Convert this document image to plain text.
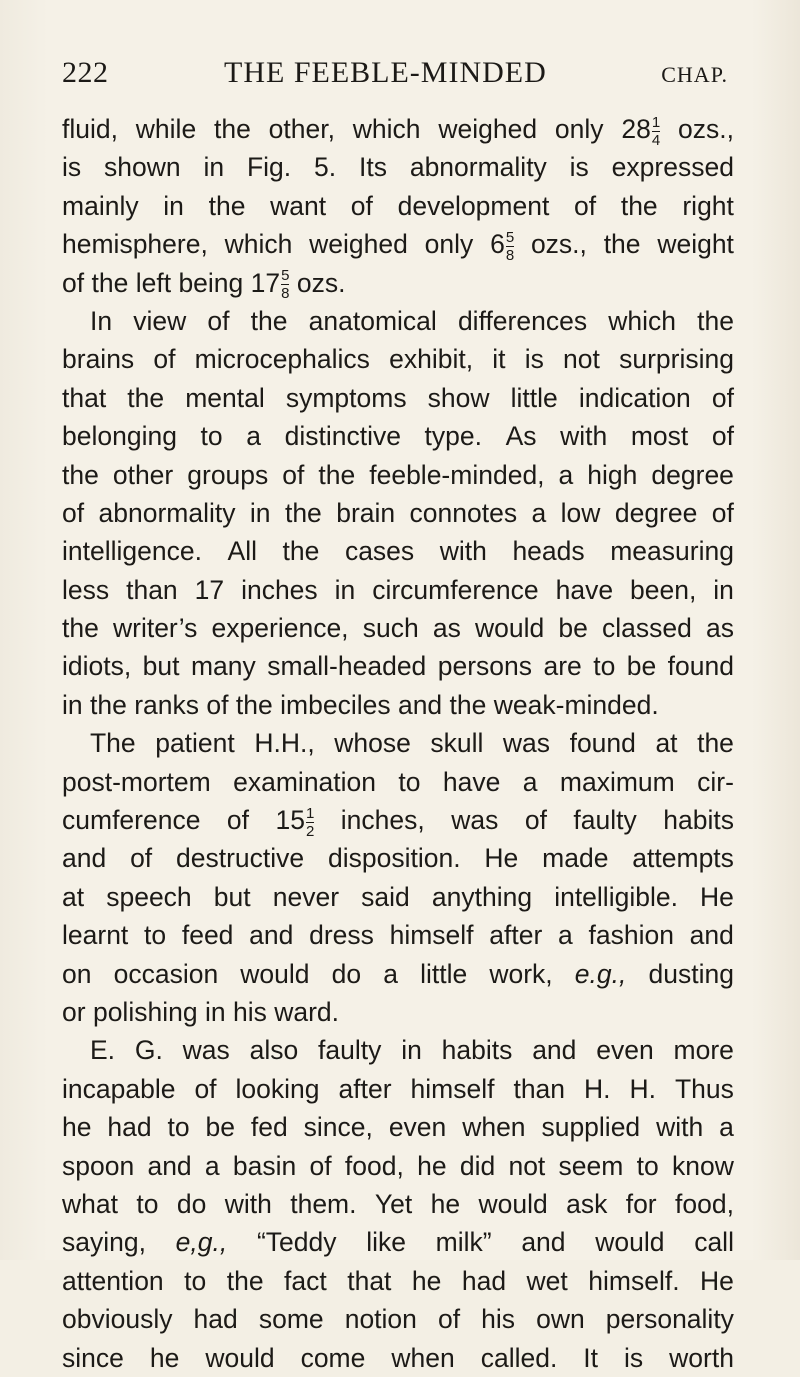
222	THE FEEBLE-MINDED	CHAP.
fluid, while the other, which weighed only $28 \frac{1}{4}$ ozs.,
is shown in Fig. 5. Its abnormality is expressed
mainly in the want of development of the right
hemisphere, which weighed only $6 \frac{5}{8}$ ozs., the weight
of
the
left
being
$17 \frac{5}{8}$
ozs.
In view of the anatomical differences which the
brains of microcephalics exhibit, it is not surprising
that the mental symptoms show little indication of
belonging to a distinctive type. As with most of
the other groups of the feeble-minded, a high degree
of abnormality in the brain connotes a low degree of
intelligence. All the cases with heads measuring
less than 17 inches in circumference have been, in
the writer’s experience, such as would be classed as
idiots, but many small-headed persons are to be found
in
the
ranks
of
the
imbeciles
and
the
weak-minded.
The patient H.H., whose skull was found at the
post-mortem examination to have a maximum cir-
cumference of $15 \frac{1}{2}$ inches, was of faulty habits
and of destructive disposition. He made attempts
at speech but never said anything intelligible. He
learnt to feed and dress himself after a fashion and
on occasion would do a little work, e.g., dusting
or
polishing
in
his
ward.
E. G. was also faulty in habits and even more
incapable of looking after himself than H. H. Thus
he had to be fed since, even when supplied with a
spoon and a basin of food, he did not seem to know
what to do with them. Yet he would ask for food,
saying, e,g., “Teddy like milk” and would call
attention to the fact that he had wet himself. He
obviously had some notion of his own personality
since he would come when called. It is worth
